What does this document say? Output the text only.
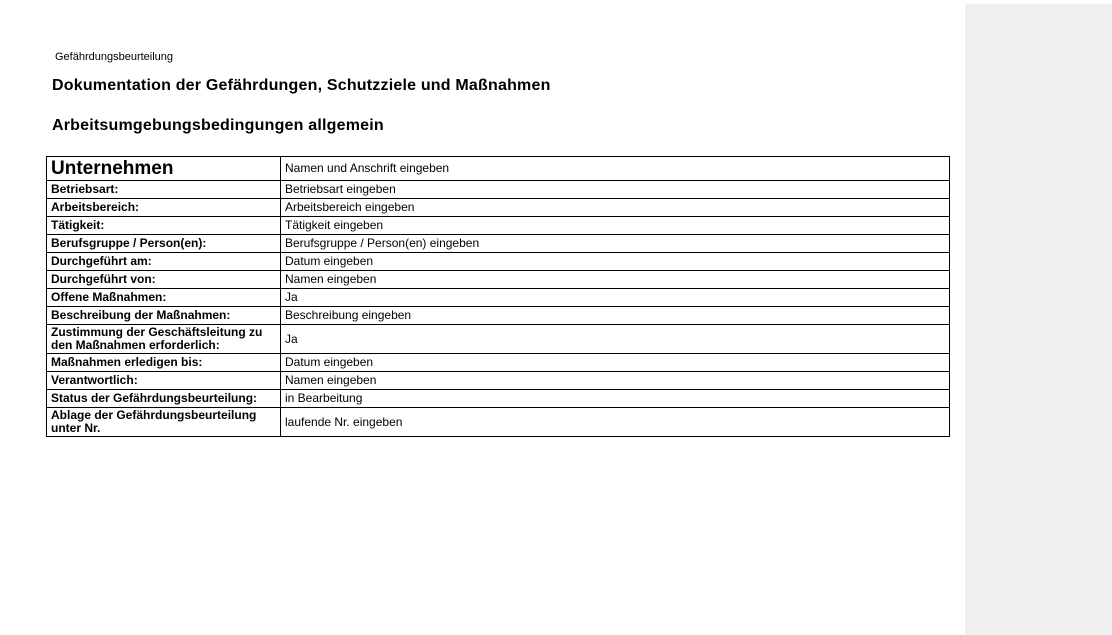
Gefährdungsbeurteilung
Dokumentation der Gefährdungen, Schutzziele und Maßnahmen
Arbeitsumgebungsbedingungen allgemein
Unternehmen	Namen und Anschrift eingeben
Betriebsart:	Betriebsart eingeben
Arbeitsbereich:	Arbeitsbereich eingeben
Tätigkeit:	Tätigkeit eingeben
Berufsgruppe / Person(en):	Berufsgruppe / Person(en) eingeben
Durchgeführt am:	Datum eingeben
Durchgeführt von:	Namen eingeben
Offene Maßnahmen:	Ja
Beschreibung der Maßnahmen:	Beschreibung eingeben
Zustimmung der Geschäftsleitung zu den Maßnahmen erforderlich:	Ja
Maßnahmen erledigen bis:	Datum eingeben
Verantwortlich:	Namen eingeben
Status der Gefährdungsbeurteilung:	in Bearbeitung
Ablage der Gefährdungsbeurteilung unter Nr.	laufende Nr. eingeben
